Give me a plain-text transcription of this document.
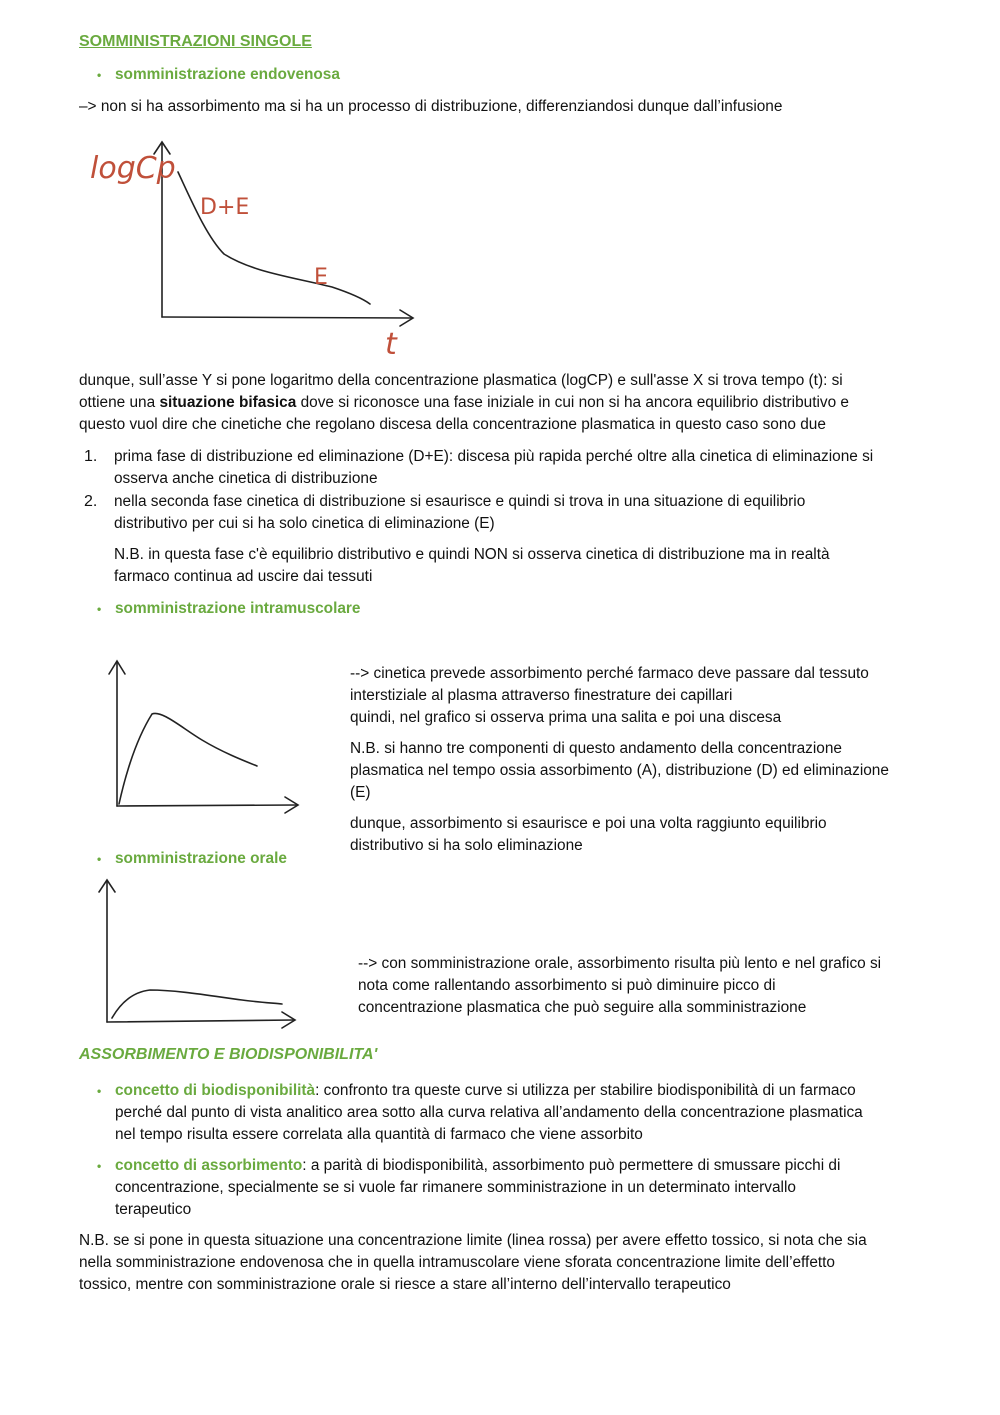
SOMMINISTRAZIONI SINGOLE
• somministrazione endovenosa

–> non si ha assorbimento ma si ha un processo di distribuzione, differenziandosi dunque dall’infusione

logCp
D+E
E
t

dunque, sull’asse Y si pone logaritmo della concentrazione plasmatica (logCP) e sull'asse X si trova tempo (t): si

ottiene una situazione bifasica dove si riconosce una fase iniziale in cui non si ha ancora equilibrio distributivo e

questo vuol dire che cinetiche che regolano discesa della concentrazione plasmatica in questo caso sono due

1. prima fase di distribuzione ed eliminazione (D+E): discesa più rapida perché oltre alla cinetica di eliminazione si
osserva anche cinetica di distribuzione
2. nella seconda fase cinetica di distribuzione si esaurisce e quindi si trova in una situazione di equilibrio
distributivo per cui si ha solo cinetica di eliminazione (E)

N.B. in questa fase c'è equilibrio distributivo e quindi NON si osserva cinetica di distribuzione ma in realtà

farmaco continua ad uscire dai tessuti

• somministrazione intramuscolare

--> cinetica prevede assorbimento perché farmaco deve passare dal tessuto

interstiziale al plasma attraverso finestrature dei capillari

quindi, nel grafico si osserva prima una salita e poi una discesa

N.B. si hanno tre componenti di questo andamento della concentrazione

plasmatica nel tempo ossia assorbimento (A), distribuzione (D) ed eliminazione

(E)

dunque, assorbimento si esaurisce e poi una volta raggiunto equilibrio

distributivo si ha solo eliminazione

• somministrazione orale

--> con somministrazione orale, assorbimento risulta più lento e nel grafico si

nota come rallentando assorbimento si può diminuire picco di

concentrazione plasmatica che può seguire alla somministrazione

ASSORBIMENTO E BIODISPONIBILITA'
• concetto di biodisponibilità: confronto tra queste curve si utilizza per stabilire biodisponibilità di un farmaco

perché dal punto di vista analitico area sotto alla curva relativa all’andamento della concentrazione plasmatica

nel tempo risulta essere correlata alla quantità di farmaco che viene assorbito

• concetto di assorbimento: a parità di biodisponibilità, assorbimento può permettere di smussare picchi di

concentrazione, specialmente se si vuole far rimanere somministrazione in un determinato intervallo

terapeutico

N.B. se si pone in questa situazione una concentrazione limite (linea rossa) per avere effetto tossico, si nota che sia

nella somministrazione endovenosa che in quella intramuscolare viene sforata concentrazione limite dell’effetto

tossico, mentre con somministrazione orale si riesce a stare all’interno dell’intervallo terapeutico
